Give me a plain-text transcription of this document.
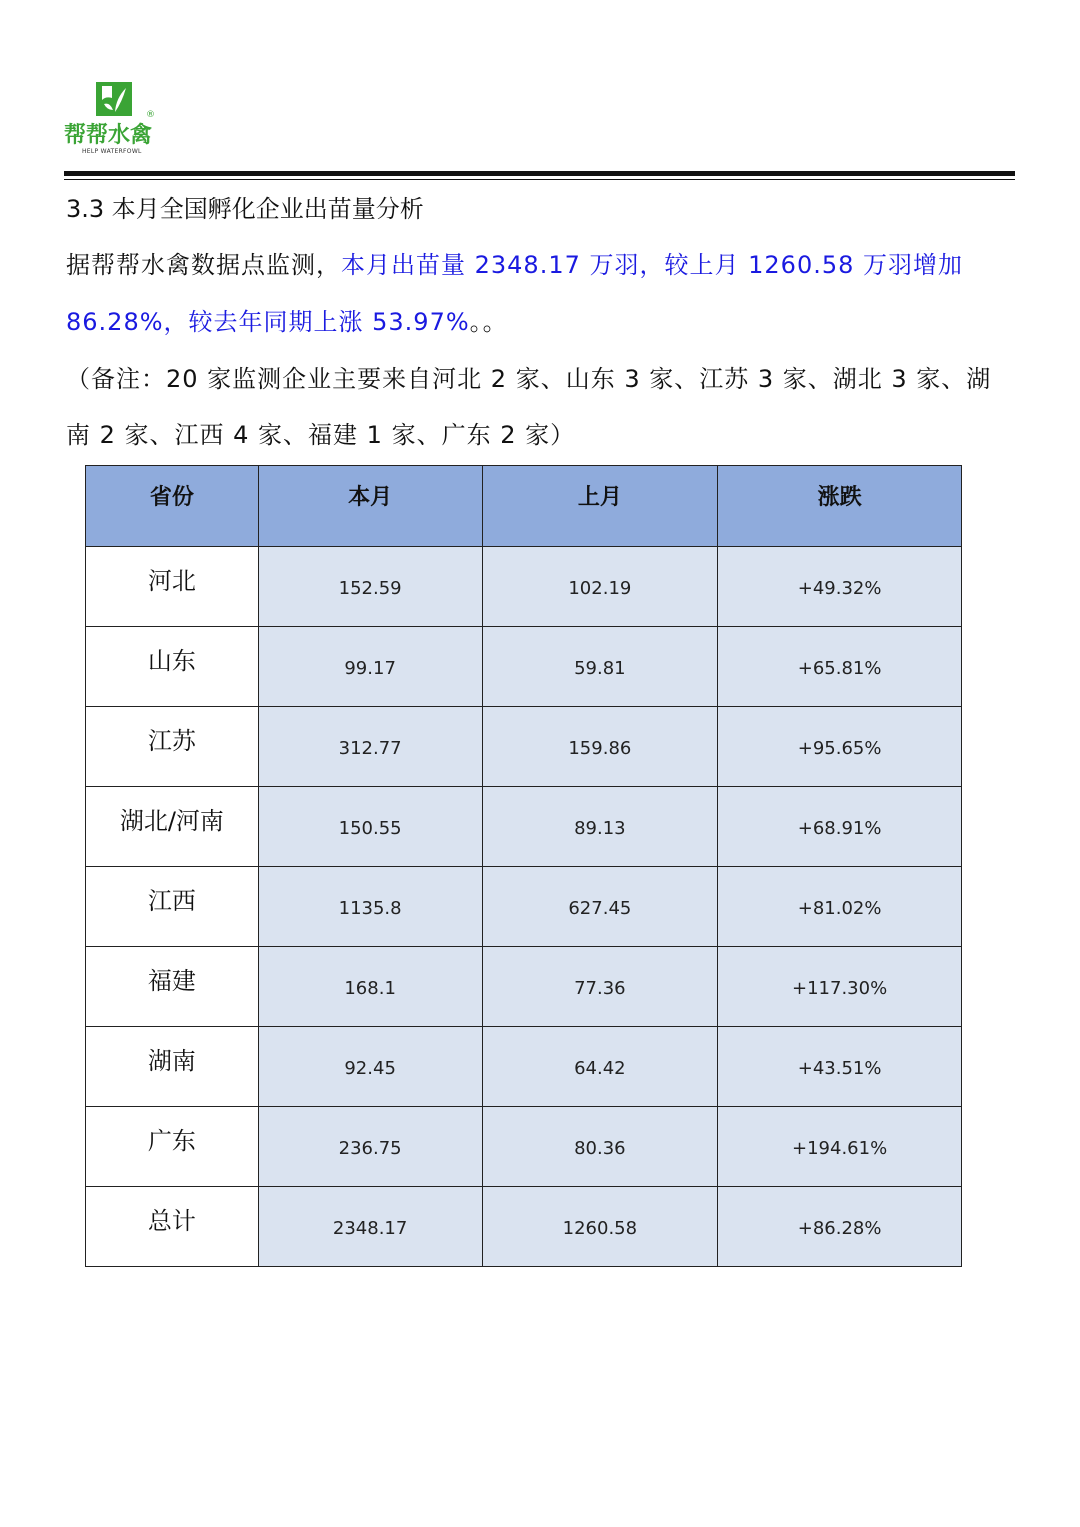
®
帮帮水禽
HELP WATERFOWL
3.3 本月全国孵化企业出苗量分析
据帮帮水禽数据点监测，本月出苗量 2348.17 万羽，较上月 1260.58 万羽增加
86.28%，较去年同期上涨 53.97%。。
（备注：20 家监测企业主要来自河北 2 家、山东 3 家、江苏 3 家、湖北 3 家、湖
南 2 家、江西 4 家、福建 1 家、广东 2 家）
省份	本月	上月	涨跌
河北	152.59	102.19	+49.32%
山东	99.17	59.81	+65.81%
江苏	312.77	159.86	+95.65%
湖北/河南	150.55	89.13	+68.91%
江西	1135.8	627.45	+81.02%
福建	168.1	77.36	+117.30%
湖南	92.45	64.42	+43.51%
广东	236.75	80.36	+194.61%
总计	2348.17	1260.58	+86.28%
